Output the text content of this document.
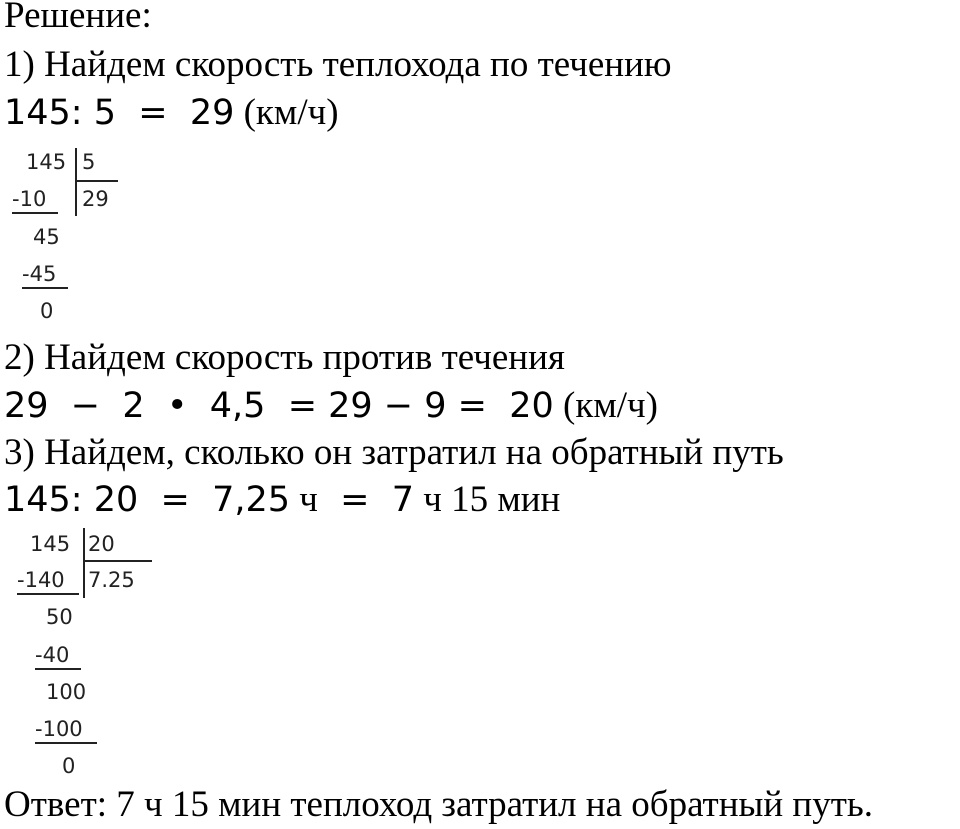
Решение:
1) Найдем скорость теплохода по течению
145: 5  =  29 (км/ч)
145 5
29
-10
45
-45
0
2) Найдем скорость против течения
29  −  2  •  4,5  = 29 − 9 =  20 (км/ч)
3) Найдем, сколько он затратил на обратный путь
145: 20  =  7,25 ч  =  7 ч 15 мин
145 20
7.25
-140
50
-40
100
-100
0
Ответ: 7 ч 15 мин теплоход затратил на обратный путь.
